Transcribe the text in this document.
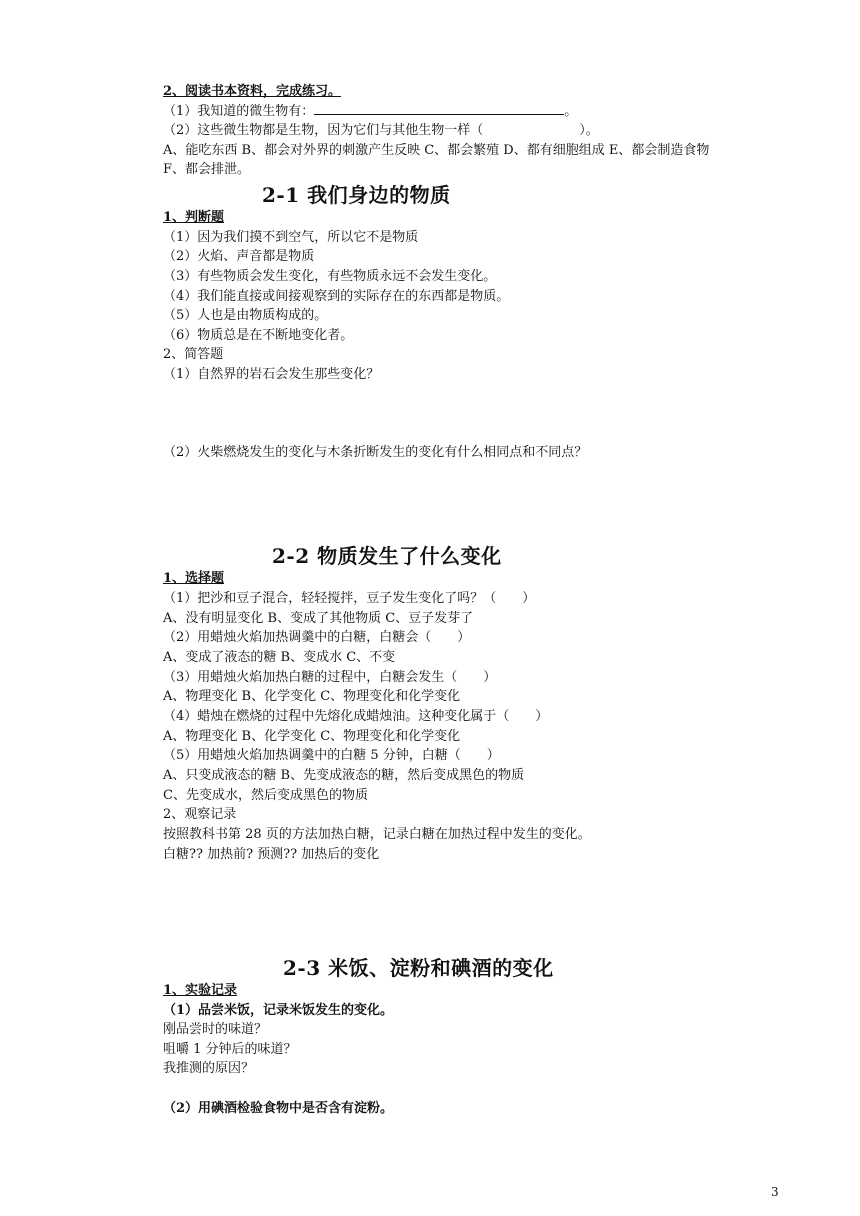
2、阅读书本资料，完成练习。
（1）我知道的微生物有：	。
（2）这些微生物都是生物，因为它们与其他生物一样（	）。
A、能吃东西 B、都会对外界的刺激产生反映 C、都会繁殖 D、都有细胞组成 E、都会制造食物
F、都会排泄。
2-1 我们身边的物质
1、判断题
（1）因为我们摸不到空气，所以它不是物质
（2）火焰、声音都是物质
（3）有些物质会发生变化，有些物质永远不会发生变化。
（4）我们能直接或间接观察到的实际存在的东西都是物质。
（5）人也是由物质构成的。
（6）物质总是在不断地变化者。
2、简答题
（1）自然界的岩石会发生那些变化？
（2）火柴燃烧发生的变化与木条折断发生的变化有什么相同点和不同点？
2-2 物质发生了什么变化
1、选择题
（1）把沙和豆子混合，轻轻搅拌，豆子发生变化了吗？（　　）
A、没有明显变化 B、变成了其他物质 C、豆子发芽了
（2）用蜡烛火焰加热调羹中的白糖，白糖会（　　）
A、变成了液态的糖 B、变成水 C、不变
（3）用蜡烛火焰加热白糖的过程中，白糖会发生（　　）
A、物理变化 B、化学变化 C、物理变化和化学变化
（4）蜡烛在燃烧的过程中先熔化成蜡烛油。这种变化属于（　　）
A、物理变化 B、化学变化 C、物理变化和化学变化
（5）用蜡烛火焰加热调羹中的白糖 5 分钟，白糖（　　）
A、只变成液态的糖 B、先变成液态的糖，然后变成黑色的物质
C、先变成水，然后变成黑色的物质
2、观察记录
按照教科书第 28 页的方法加热白糖，记录白糖在加热过程中发生的变化。
白糖?? 加热前? 预测?? 加热后的变化
2-3 米饭、淀粉和碘酒的变化
1、实验记录
（1）品尝米饭，记录米饭发生的变化。
刚品尝时的味道？
咀嚼 1 分钟后的味道？
我推测的原因？
（2）用碘酒检验食物中是否含有淀粉。
3
